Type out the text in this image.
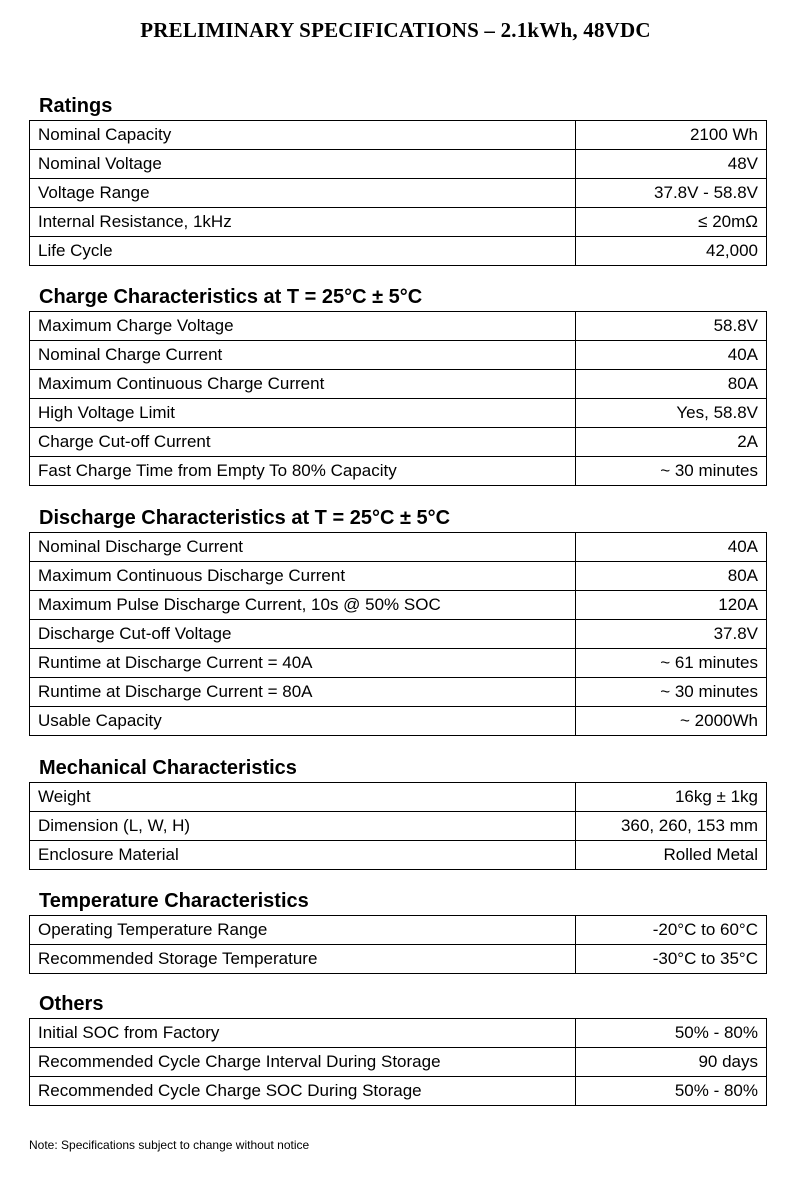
PRELIMINARY SPECIFICATIONS – 2.1kWh, 48VDC
Ratings
Nominal Capacity	2100 Wh
Nominal Voltage	48V
Voltage Range	37.8V - 58.8V
Internal Resistance, 1kHz	≤ 20mΩ
Life Cycle	42,000
Charge Characteristics at T = 25°C ± 5°C
Maximum Charge Voltage	58.8V
Nominal Charge Current	40A
Maximum Continuous Charge Current	80A
High Voltage Limit	Yes, 58.8V
Charge Cut-off Current	2A
Fast Charge Time from Empty To 80% Capacity	~ 30 minutes
Discharge Characteristics at T = 25°C ± 5°C
Nominal Discharge Current	40A
Maximum Continuous Discharge Current	80A
Maximum Pulse Discharge Current, 10s @ 50% SOC	120A
Discharge Cut-off Voltage	37.8V
Runtime at Discharge Current = 40A	~ 61 minutes
Runtime at Discharge Current = 80A	~ 30 minutes
Usable Capacity	~ 2000Wh
Mechanical Characteristics
Weight	16kg ± 1kg
Dimension (L, W, H)	360, 260, 153 mm
Enclosure Material	Rolled Metal
Temperature Characteristics
Operating Temperature Range	-20°C to 60°C
Recommended Storage Temperature	-30°C to 35°C
Others
Initial SOC from Factory	50% - 80%
Recommended Cycle Charge Interval During Storage	90 days
Recommended Cycle Charge SOC During Storage	50% - 80%
Note: Specifications subject to change without notice
